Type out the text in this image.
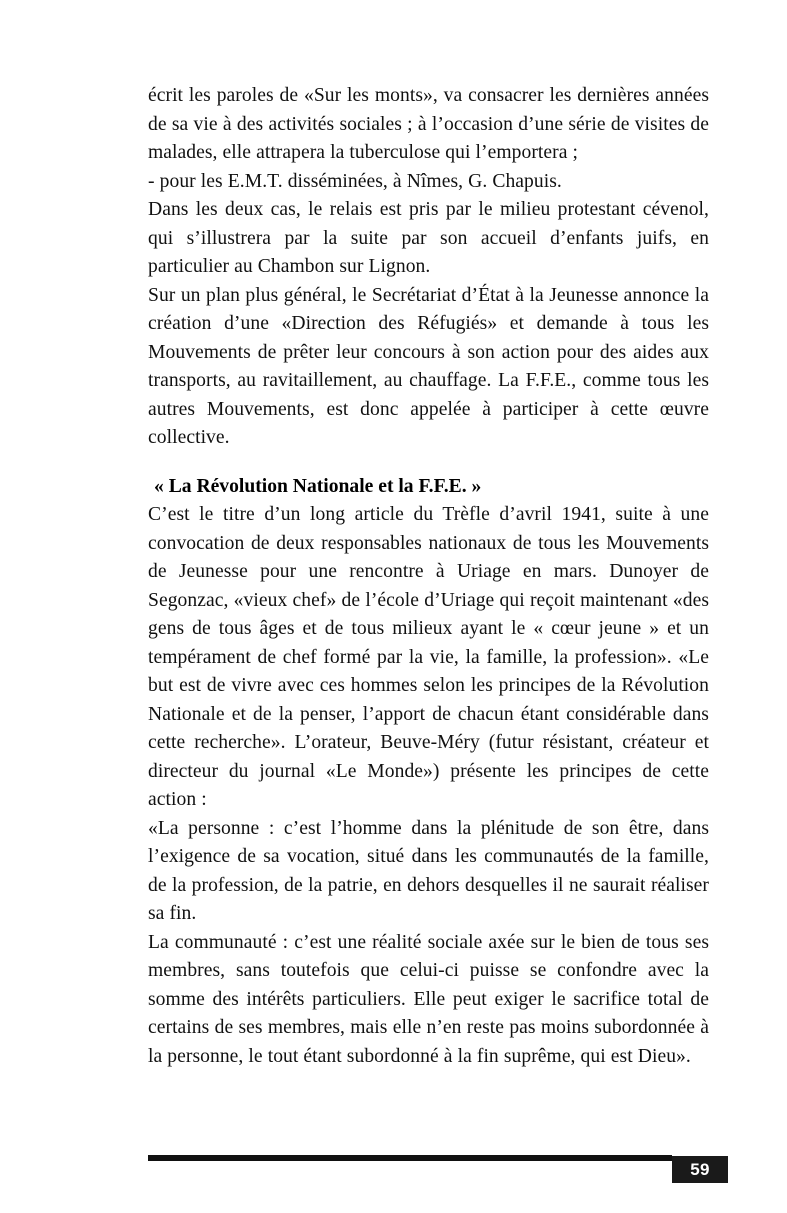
écrit les paroles de «Sur les monts», va consacrer les dernières années de sa vie à des activités sociales ; à l’occasion d’une série de visites de malades, elle attrapera la tuberculose qui l’emportera ;

- pour les E.M.T. disséminées, à Nîmes, G. Chapuis.

Dans les deux cas, le relais est pris par le milieu protestant cévenol, qui s’illustrera par la suite par son accueil d’enfants juifs, en particulier au Chambon sur Lignon.

Sur un plan plus général, le Secrétariat d’État à la Jeunesse annonce la création d’une «Direction des Réfugiés» et demande à tous les Mouvements de prêter leur concours à son action pour des aides aux transports, au ravitaillement, au chauffage. La F.F.E., comme tous les autres Mouvements, est donc appelée à participer à cette œuvre collective.

« La Révolution Nationale et la F.F.E. »

C’est le titre d’un long article du Trèfle d’avril 1941, suite à une convocation de deux responsables nationaux de tous les Mouvements de Jeunesse pour une rencontre à Uriage en mars. Dunoyer de Segonzac, «vieux chef» de l’école d’Uriage qui reçoit maintenant «des gens de tous âges et de tous milieux ayant le « cœur jeune » et un tempérament de chef formé par la vie, la famille, la profession». «Le but est de vivre avec ces hommes selon les principes de la Révolution Nationale et de la penser, l’apport de chacun étant considérable dans cette recherche». L’orateur, Beuve-Méry (futur résistant, créateur et directeur du journal «Le Monde») présente les principes de cette action :

«La personne : c’est l’homme dans la plénitude de son être, dans l’exigence de sa vocation, situé dans les communautés de la famille, de la profession, de la patrie, en dehors desquelles il ne saurait réaliser sa fin.

La communauté : c’est une réalité sociale axée sur le bien de tous ses membres, sans toutefois que celui-ci puisse se confondre avec la somme des intérêts particuliers. Elle peut exiger le sacrifice total de certains de ses membres, mais elle n’en reste pas moins subordonnée à la personne, le tout étant subordonné à la fin suprême, qui est Dieu».

59
